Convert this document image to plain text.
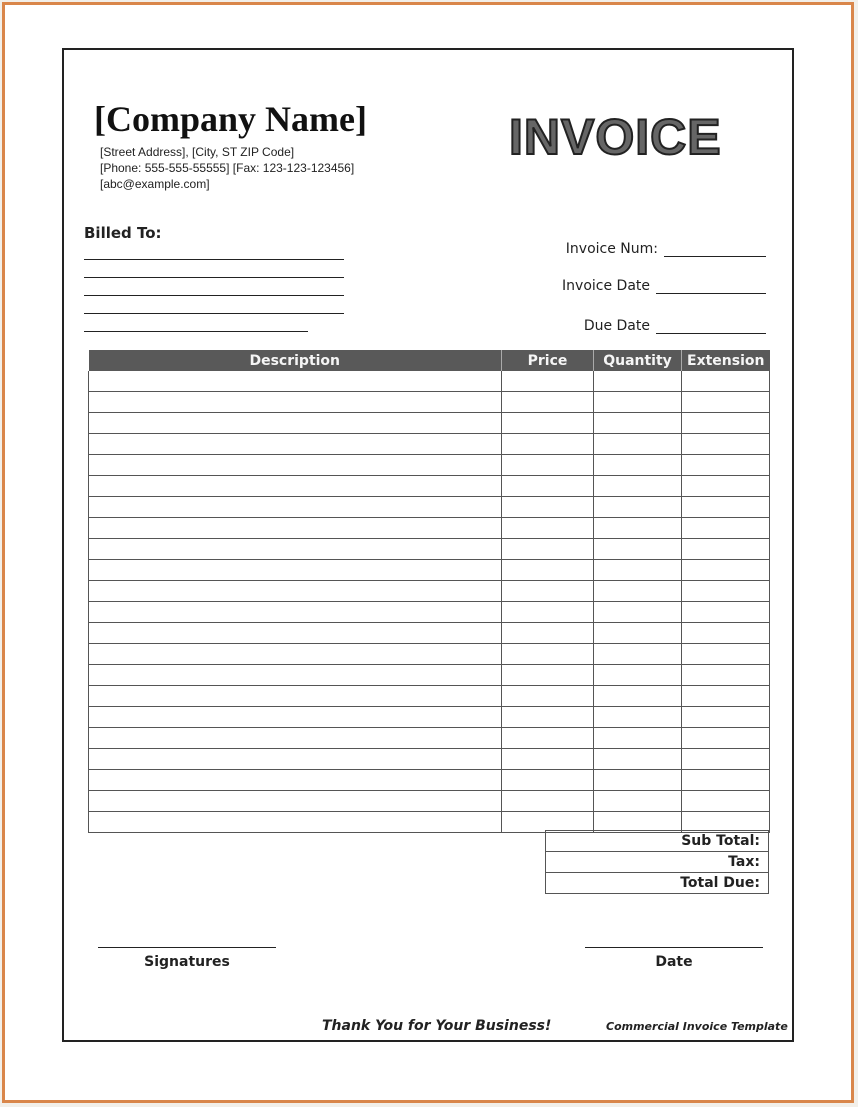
[Company Name]
[Street Address], [City, ST ZIP Code]
[Phone: 555-555-55555] [Fax: 123-123-123456]
[abc@example.com]
INVOICE
Billed To:
Invoice Num:
Invoice Date
Due Date
Description	Price	Quantity	Extension

Sub Total:
Tax:
Total Due:
Signatures	Date
Thank You for Your Business!	Commercial Invoice Template
